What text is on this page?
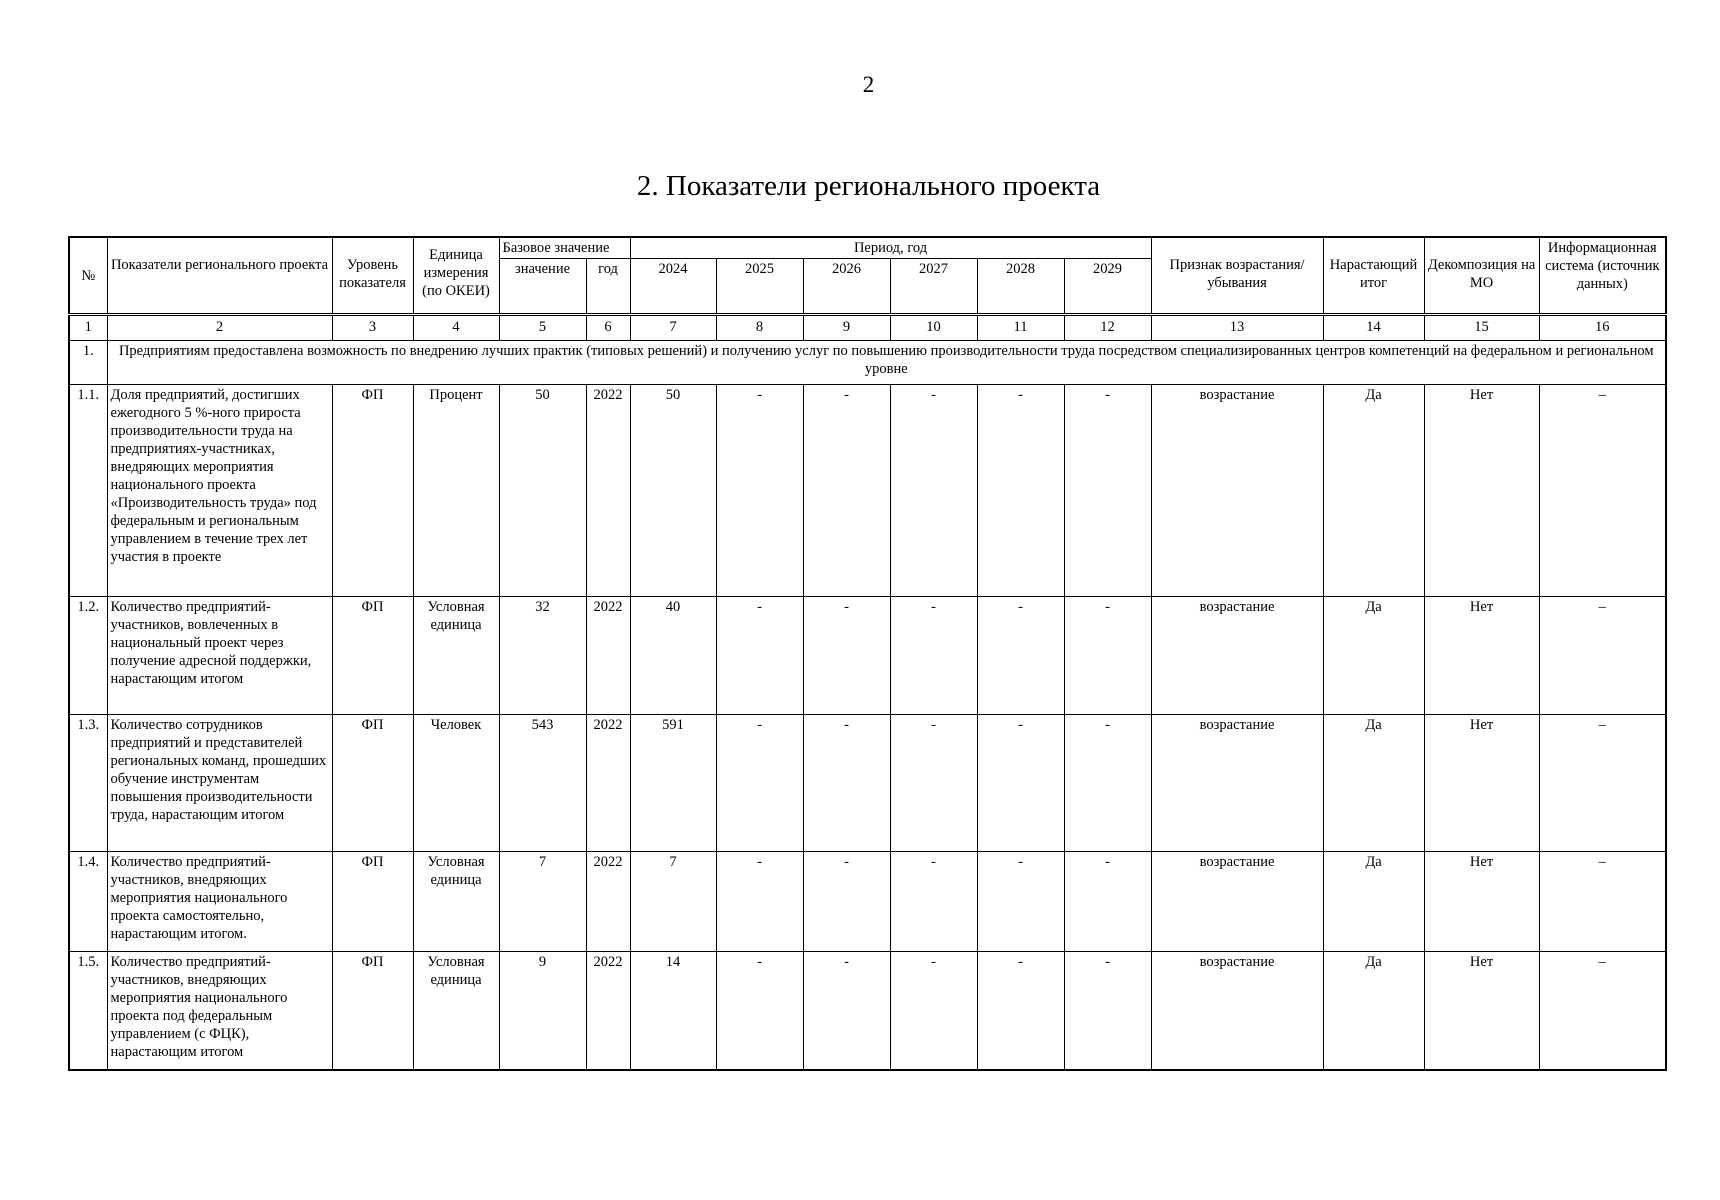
2
2. Показатели регионального проекта
№	Показатели регионального проекта	Уровень показателя	Единица измерения (по ОКЕИ)	Базовое значение		Период, год						Признак возрастания/убывания	Нарастающий итог	Декомпозиция на МО	Информационная система (источник данных)
				значение	год	2024	2025	2026	2027	2028	2029				
1	2	3	4	5	6	7	8	9	10	11	12	13	14	15	16
1.	Предприятиям предоставлена возможность по внедрению лучших практик (типовых решений) и получению услуг по повышению производительности труда посредством специализированных центров компетенций на федеральном и региональном уровне														
1.1.	Доля предприятий, достигших ежегодного 5 %-ного прироста производительности труда на предприятиях-участниках, внедряющих мероприятия национального проекта «Производительность труда» под федеральным и региональным управлением в течение трех лет участия в проекте	ФП	Процент	50	2022	50	-	-	-	-	-	возрастание	Да	Нет	–
1.2.	Количество предприятий-участников, вовлеченных в национальный проект через получение адресной поддержки, нарастающим итогом	ФП	Условная единица	32	2022	40	-	-	-	-	-	возрастание	Да	Нет	–
1.3.	Количество сотрудников предприятий и представителей региональных команд, прошедших обучение инструментам повышения производительности труда, нарастающим итогом	ФП	Человек	543	2022	591	-	-	-	-	-	возрастание	Да	Нет	–
1.4.	Количество предприятий-участников, внедряющих мероприятия национального проекта самостоятельно, нарастающим итогом.	ФП	Условная единица	7	2022	7	-	-	-	-	-	возрастание	Да	Нет	–
1.5.	Количество предприятий-участников, внедряющих мероприятия национального проекта под федеральным управлением (с ФЦК), нарастающим итогом	ФП	Условная единица	9	2022	14	-	-	-	-	-	возрастание	Да	Нет	–
